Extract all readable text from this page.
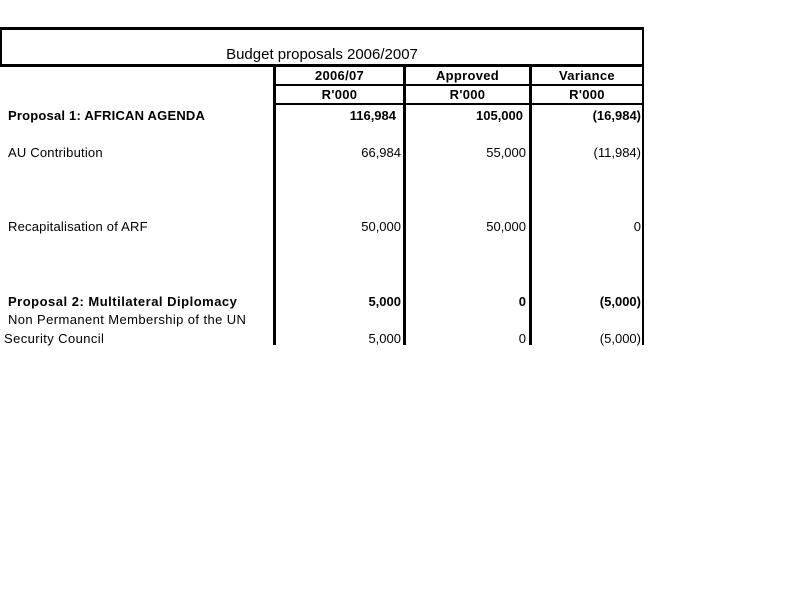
Budget proposals 2006/2007
2006/07	Approved	Variance
R'000	R'000	R'000
Proposal 1: AFRICAN AGENDA	116,984	105,000	(16,984)
AU Contribution	66,984	55,000	(11,984)
Recapitalisation of ARF	50,000	50,000	0
Proposal 2: Multilateral Diplomacy	5,000	0	(5,000)
Non Permanent Membership of the UN
Security Council	5,000	0	(5,000)
